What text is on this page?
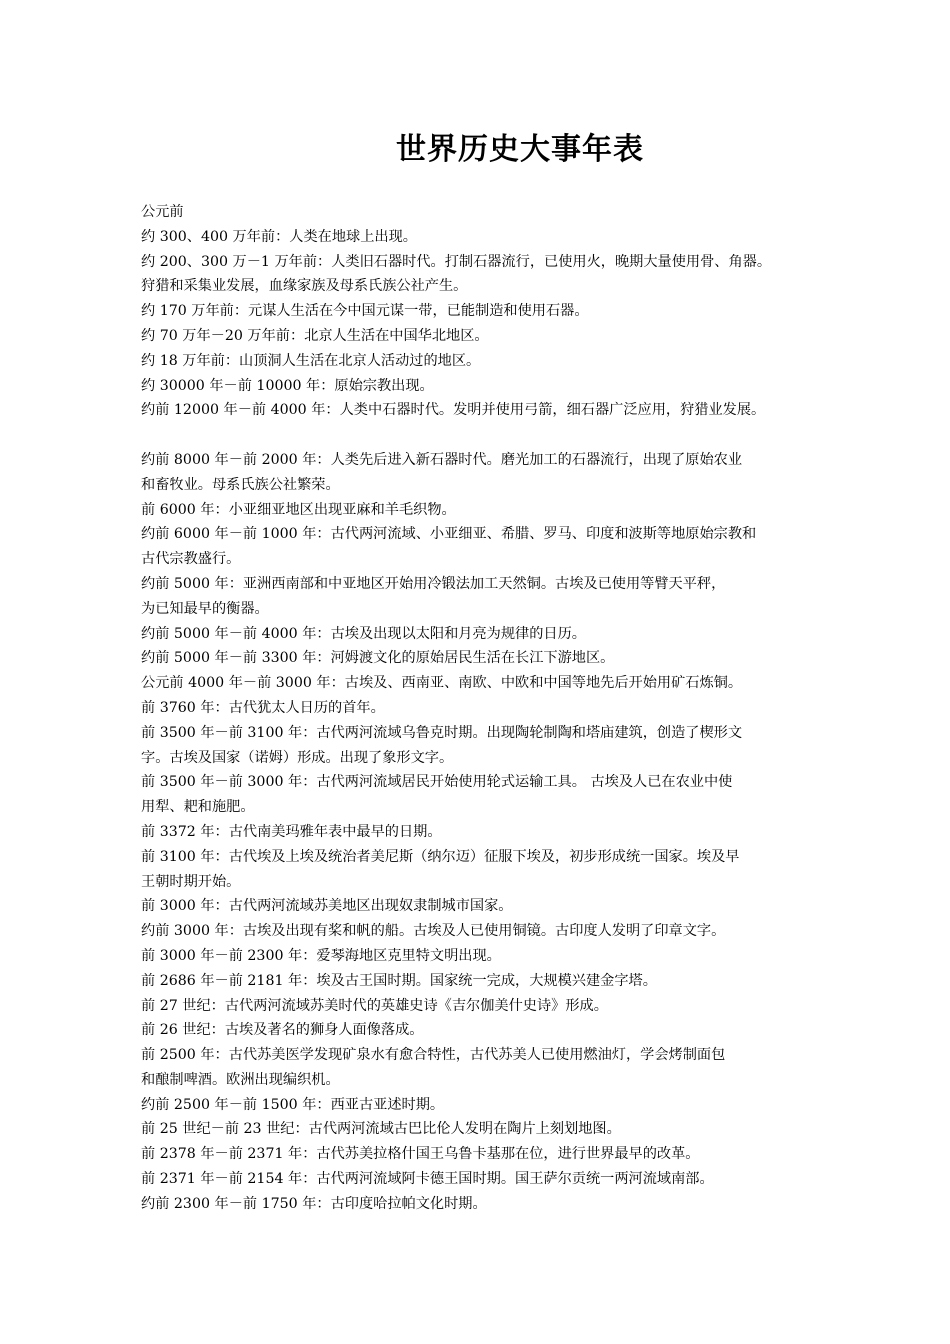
世界历史大事年表
公元前
约 300、400 万年前：人类在地球上出现。
约 200、300 万－1 万年前：人类旧石器时代。打制石器流行，已使用火，晚期大量使用骨、角器。
狩猎和采集业发展，血缘家族及母系氏族公社产生。
约 170 万年前：元谋人生活在今中国元谋一带，已能制造和使用石器。
约 70 万年－20 万年前：北京人生活在中国华北地区。
约 18 万年前：山顶洞人生活在北京人活动过的地区。
约 30000 年－前 10000 年：原始宗教出现。
约前 12000 年－前 4000 年：人类中石器时代。发明并使用弓箭，细石器广泛应用，狩猎业发展。
约前 8000 年－前 2000 年：人类先后进入新石器时代。磨光加工的石器流行，出现了原始农业
和畜牧业。母系氏族公社繁荣。
前 6000 年：小亚细亚地区出现亚麻和羊毛织物。
约前 6000 年－前 1000 年：古代两河流域、小亚细亚、希腊、罗马、印度和波斯等地原始宗教和
古代宗教盛行。
约前 5000 年：亚洲西南部和中亚地区开始用冷锻法加工天然铜。古埃及已使用等臂天平秤，
为已知最早的衡器。
约前 5000 年－前 4000 年：古埃及出现以太阳和月亮为规律的日历。
约前 5000 年－前 3300 年：河姆渡文化的原始居民生活在长江下游地区。
公元前 4000 年－前 3000 年：古埃及、西南亚、南欧、中欧和中国等地先后开始用矿石炼铜。
前 3760 年：古代犹太人日历的首年。
前 3500 年－前 3100 年：古代两河流域乌鲁克时期。出现陶轮制陶和塔庙建筑，创造了楔形文
字。古埃及国家（诺姆）形成。出现了象形文字。
前 3500 年－前 3000 年：古代两河流域居民开始使用轮式运输工具。 古埃及人已在农业中使
用犁、耙和施肥。
前 3372 年：古代南美玛雅年表中最早的日期。
前 3100 年：古代埃及上埃及统治者美尼斯（纳尔迈）征服下埃及，初步形成统一国家。埃及早
王朝时期开始。
前 3000 年：古代两河流域苏美地区出现奴隶制城市国家。
约前 3000 年：古埃及出现有桨和帆的船。古埃及人已使用铜镜。古印度人发明了印章文字。
前 3000 年－前 2300 年：爱琴海地区克里特文明出现。
前 2686 年－前 2181 年：埃及古王国时期。国家统一完成，大规模兴建金字塔。
前 27 世纪：古代两河流域苏美时代的英雄史诗《吉尔伽美什史诗》形成。
前 26 世纪：古埃及著名的狮身人面像落成。
前 2500 年：古代苏美医学发现矿泉水有愈合特性，古代苏美人已使用燃油灯，学会烤制面包
和酿制啤酒。欧洲出现编织机。
约前 2500 年－前 1500 年：西亚古亚述时期。
前 25 世纪－前 23 世纪：古代两河流域古巴比伦人发明在陶片上刻划地图。
前 2378 年－前 2371 年：古代苏美拉格什国王乌鲁卡基那在位，进行世界最早的改革。
前 2371 年－前 2154 年：古代两河流域阿卡德王国时期。国王萨尔贡统一两河流域南部。
约前 2300 年－前 1750 年：古印度哈拉帕文化时期。
